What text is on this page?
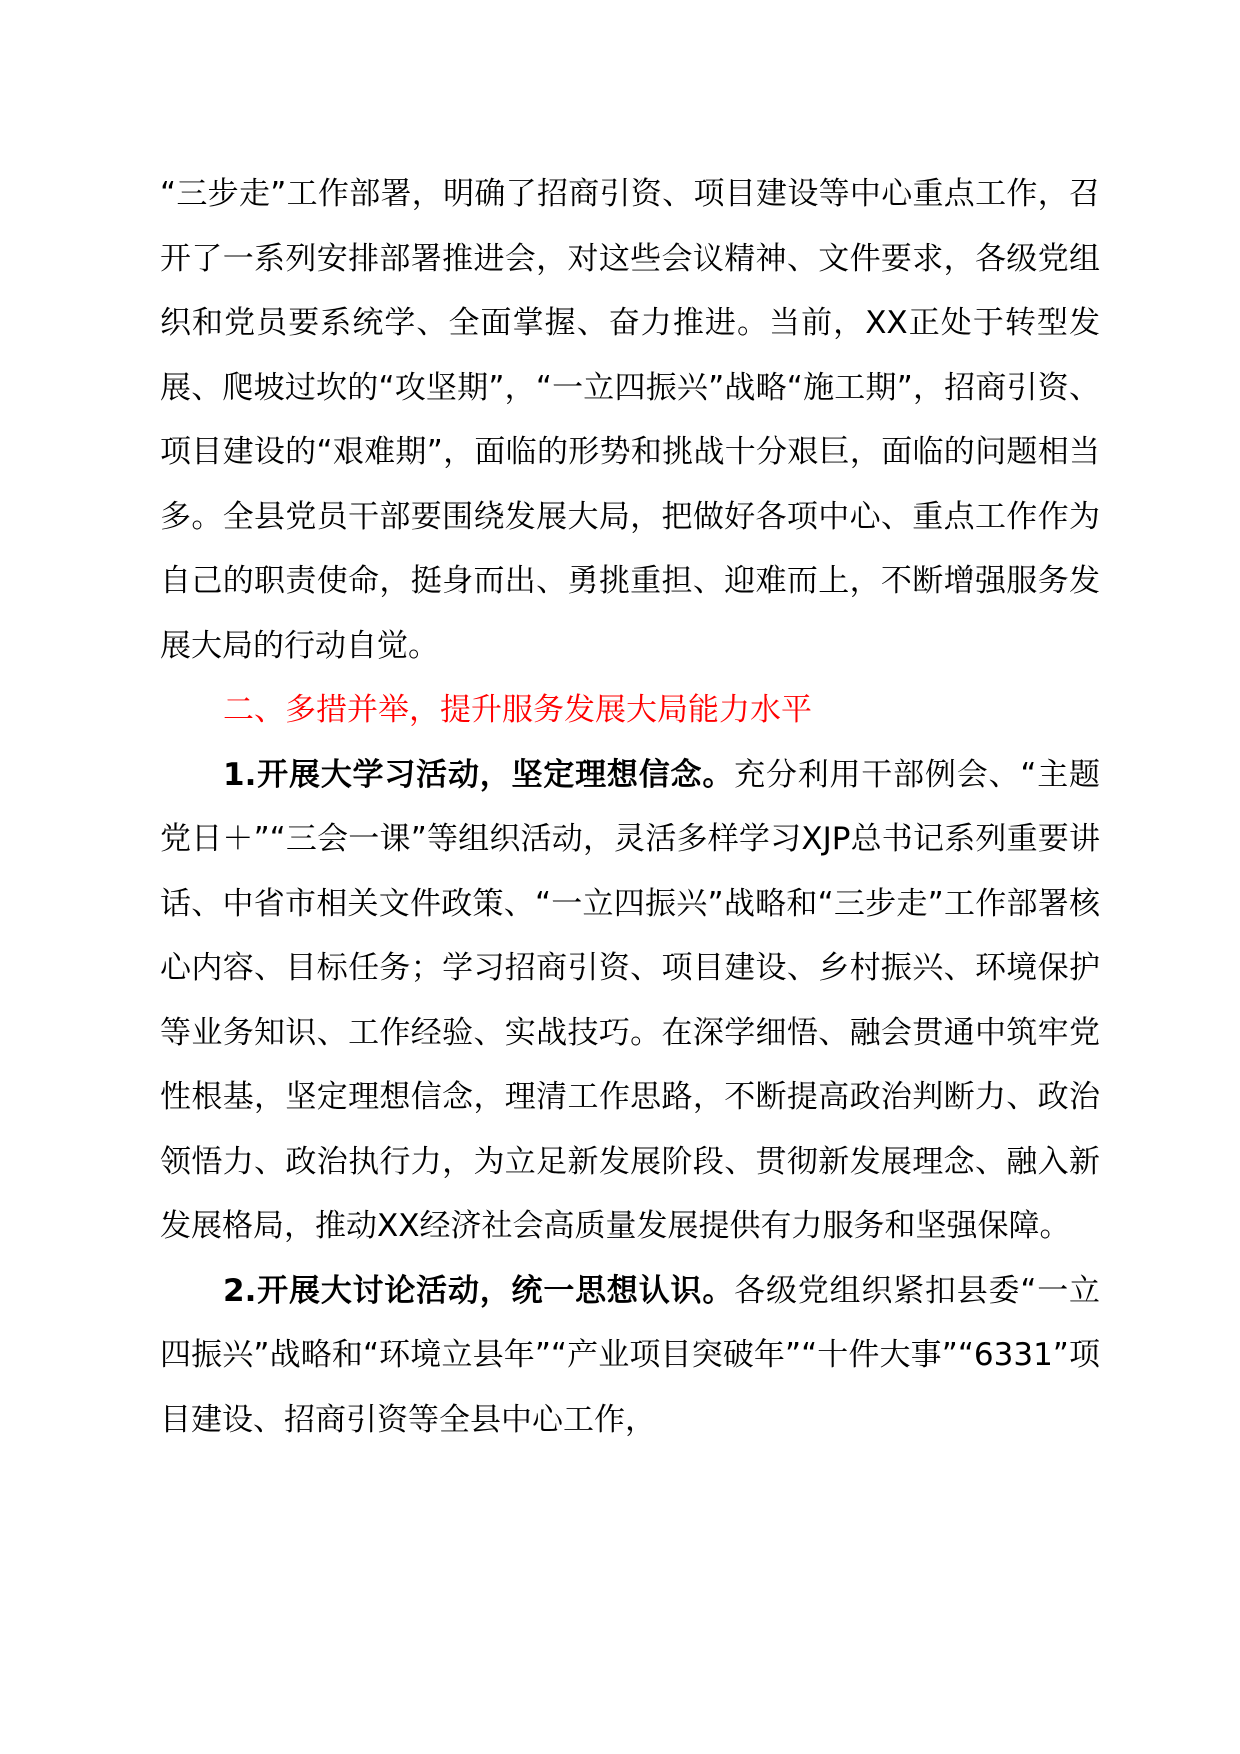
“三步走”工作部署，明确了招商引资、项目建设等中心重点工作，召开了一系列安排部署推进会，对这些会议精神、文件要求，各级党组织和党员要系统学、全面掌握、奋力推进。当前，XX正处于转型发展、爬坡过坎的“攻坚期”，“一立四振兴”战略“施工期”，招商引资、项目建设的“艰难期”，面临的形势和挑战十分艰巨，面临的问题相当多。全县党员干部要围绕发展大局，把做好各项中心、重点工作作为自己的职责使命，挺身而出、勇挑重担、迎难而上，不断增强服务发展大局的行动自觉。

二、多措并举，提升服务发展大局能力水平

1.开展大学习活动，坚定理想信念。充分利用干部例会、“主题党日＋”“三会一课”等组织活动，灵活多样学习XJP总书记系列重要讲话、中省市相关文件政策、“一立四振兴”战略和“三步走”工作部署核心内容、目标任务；学习招商引资、项目建设、乡村振兴、环境保护等业务知识、工作经验、实战技巧。在深学细悟、融会贯通中筑牢党性根基，坚定理想信念，理清工作思路，不断提高政治判断力、政治领悟力、政治执行力，为立足新发展阶段、贯彻新发展理念、融入新发展格局，推动XX经济社会高质量发展提供有力服务和坚强保障。

2.开展大讨论活动，统一思想认识。各级党组织紧扣县委“一立四振兴”战略和“环境立县年”“产业项目突破年”“十件大事”“6331”项目建设、招商引资等全县中心工作，
